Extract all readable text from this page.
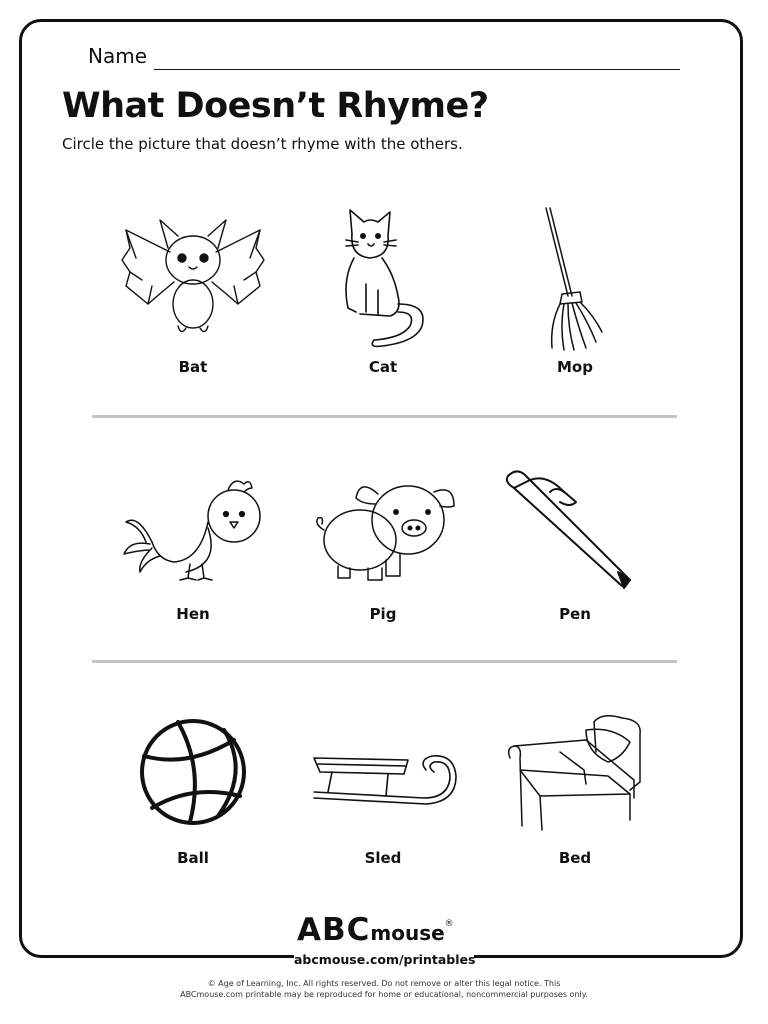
Name
What Doesn’t Rhyme?
Circle the picture that doesn’t rhyme with the others.
Bat	Cat	Mop
Hen	Pig	Pen
Ball	Sled	Bed
ABCmouse®
abcmouse.com/printables
© Age of Learning, Inc. All rights reserved. Do not remove or alter this legal notice. This
ABCmouse.com printable may be reproduced for home or educational, noncommercial purposes only.
